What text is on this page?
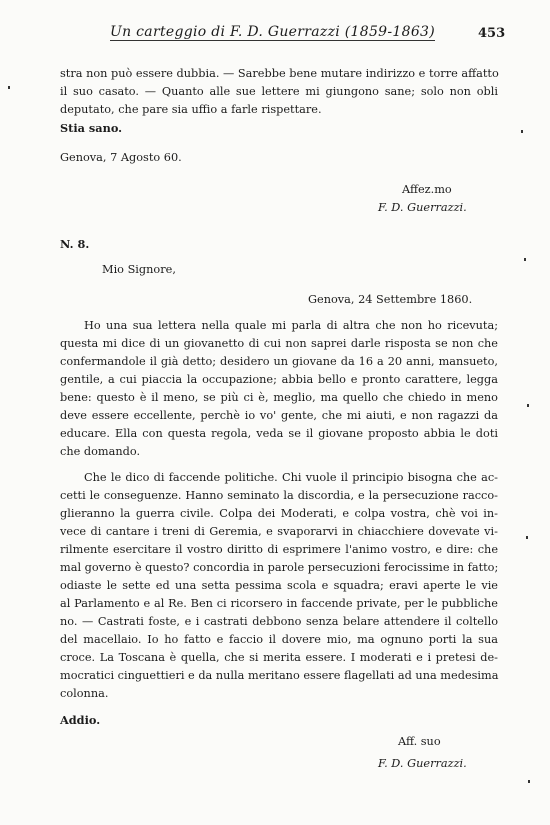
Un carteggio di F. D. Guerrazzi (1859-1863)	453
stra non può essere dubbia. — Sarebbe bene mutare indirizzo e torre affatto
il suo casato. — Quanto alle sue lettere mi giungono sane; solo non obli
deputato, che pare sia uffio a farle rispettare.
Stia sano.
Genova, 7 Agosto 60.
Affez.mo
F. D. Guerrazzi.
N. 8.
Mio Signore,
Genova, 24 Settembre 1860.
Ho una sua lettera nella quale mi parla di altra che non ho ricevuta;
questa mi dice di un giovanetto di cui non saprei darle risposta se non che
confermandole il già detto; desidero un giovane da 16 a 20 anni, mansueto,
gentile, a cui piaccia la occupazione; abbia bello e pronto carattere, legga
bene: questo è il meno, se più ci è, meglio, ma quello che chiedo in meno
deve essere eccellente, perchè io vo' gente, che mi aiuti, e non ragazzi da
educare. Ella con questa regola, veda se il giovane proposto abbia le doti
che domando.
Che le dico di faccende politiche. Chi vuole il principio bisogna che ac-
cetti le conseguenze. Hanno seminato la discordia, e la persecuzione racco-
glieranno la guerra civile. Colpa dei Moderati, e colpa vostra, chè voi in-
vece di cantare i treni di Geremia, e svaporarvi in chiacchiere dovevate vi-
rilmente esercitare il vostro diritto di esprimere l'animo vostro, e dire: che
mal governo è questo? concordia in parole persecuzioni ferocissime in fatto;
odiaste le sette ed una setta pessima scola e squadra; eravi aperte le vie
al Parlamento e al Re. Ben ci ricorsero in faccende private, per le pubbliche
no. — Castrati foste, e i castrati debbono senza belare attendere il coltello
del macellaio. Io ho fatto e faccio il dovere mio, ma ognuno porti la sua
croce. La Toscana è quella, che si merita essere. I moderati e i pretesi de-
mocratici cinguettieri e da nulla meritano essere flagellati ad una medesima
colonna.
Addio.
Aff. suo
F. D. Guerrazzi.
